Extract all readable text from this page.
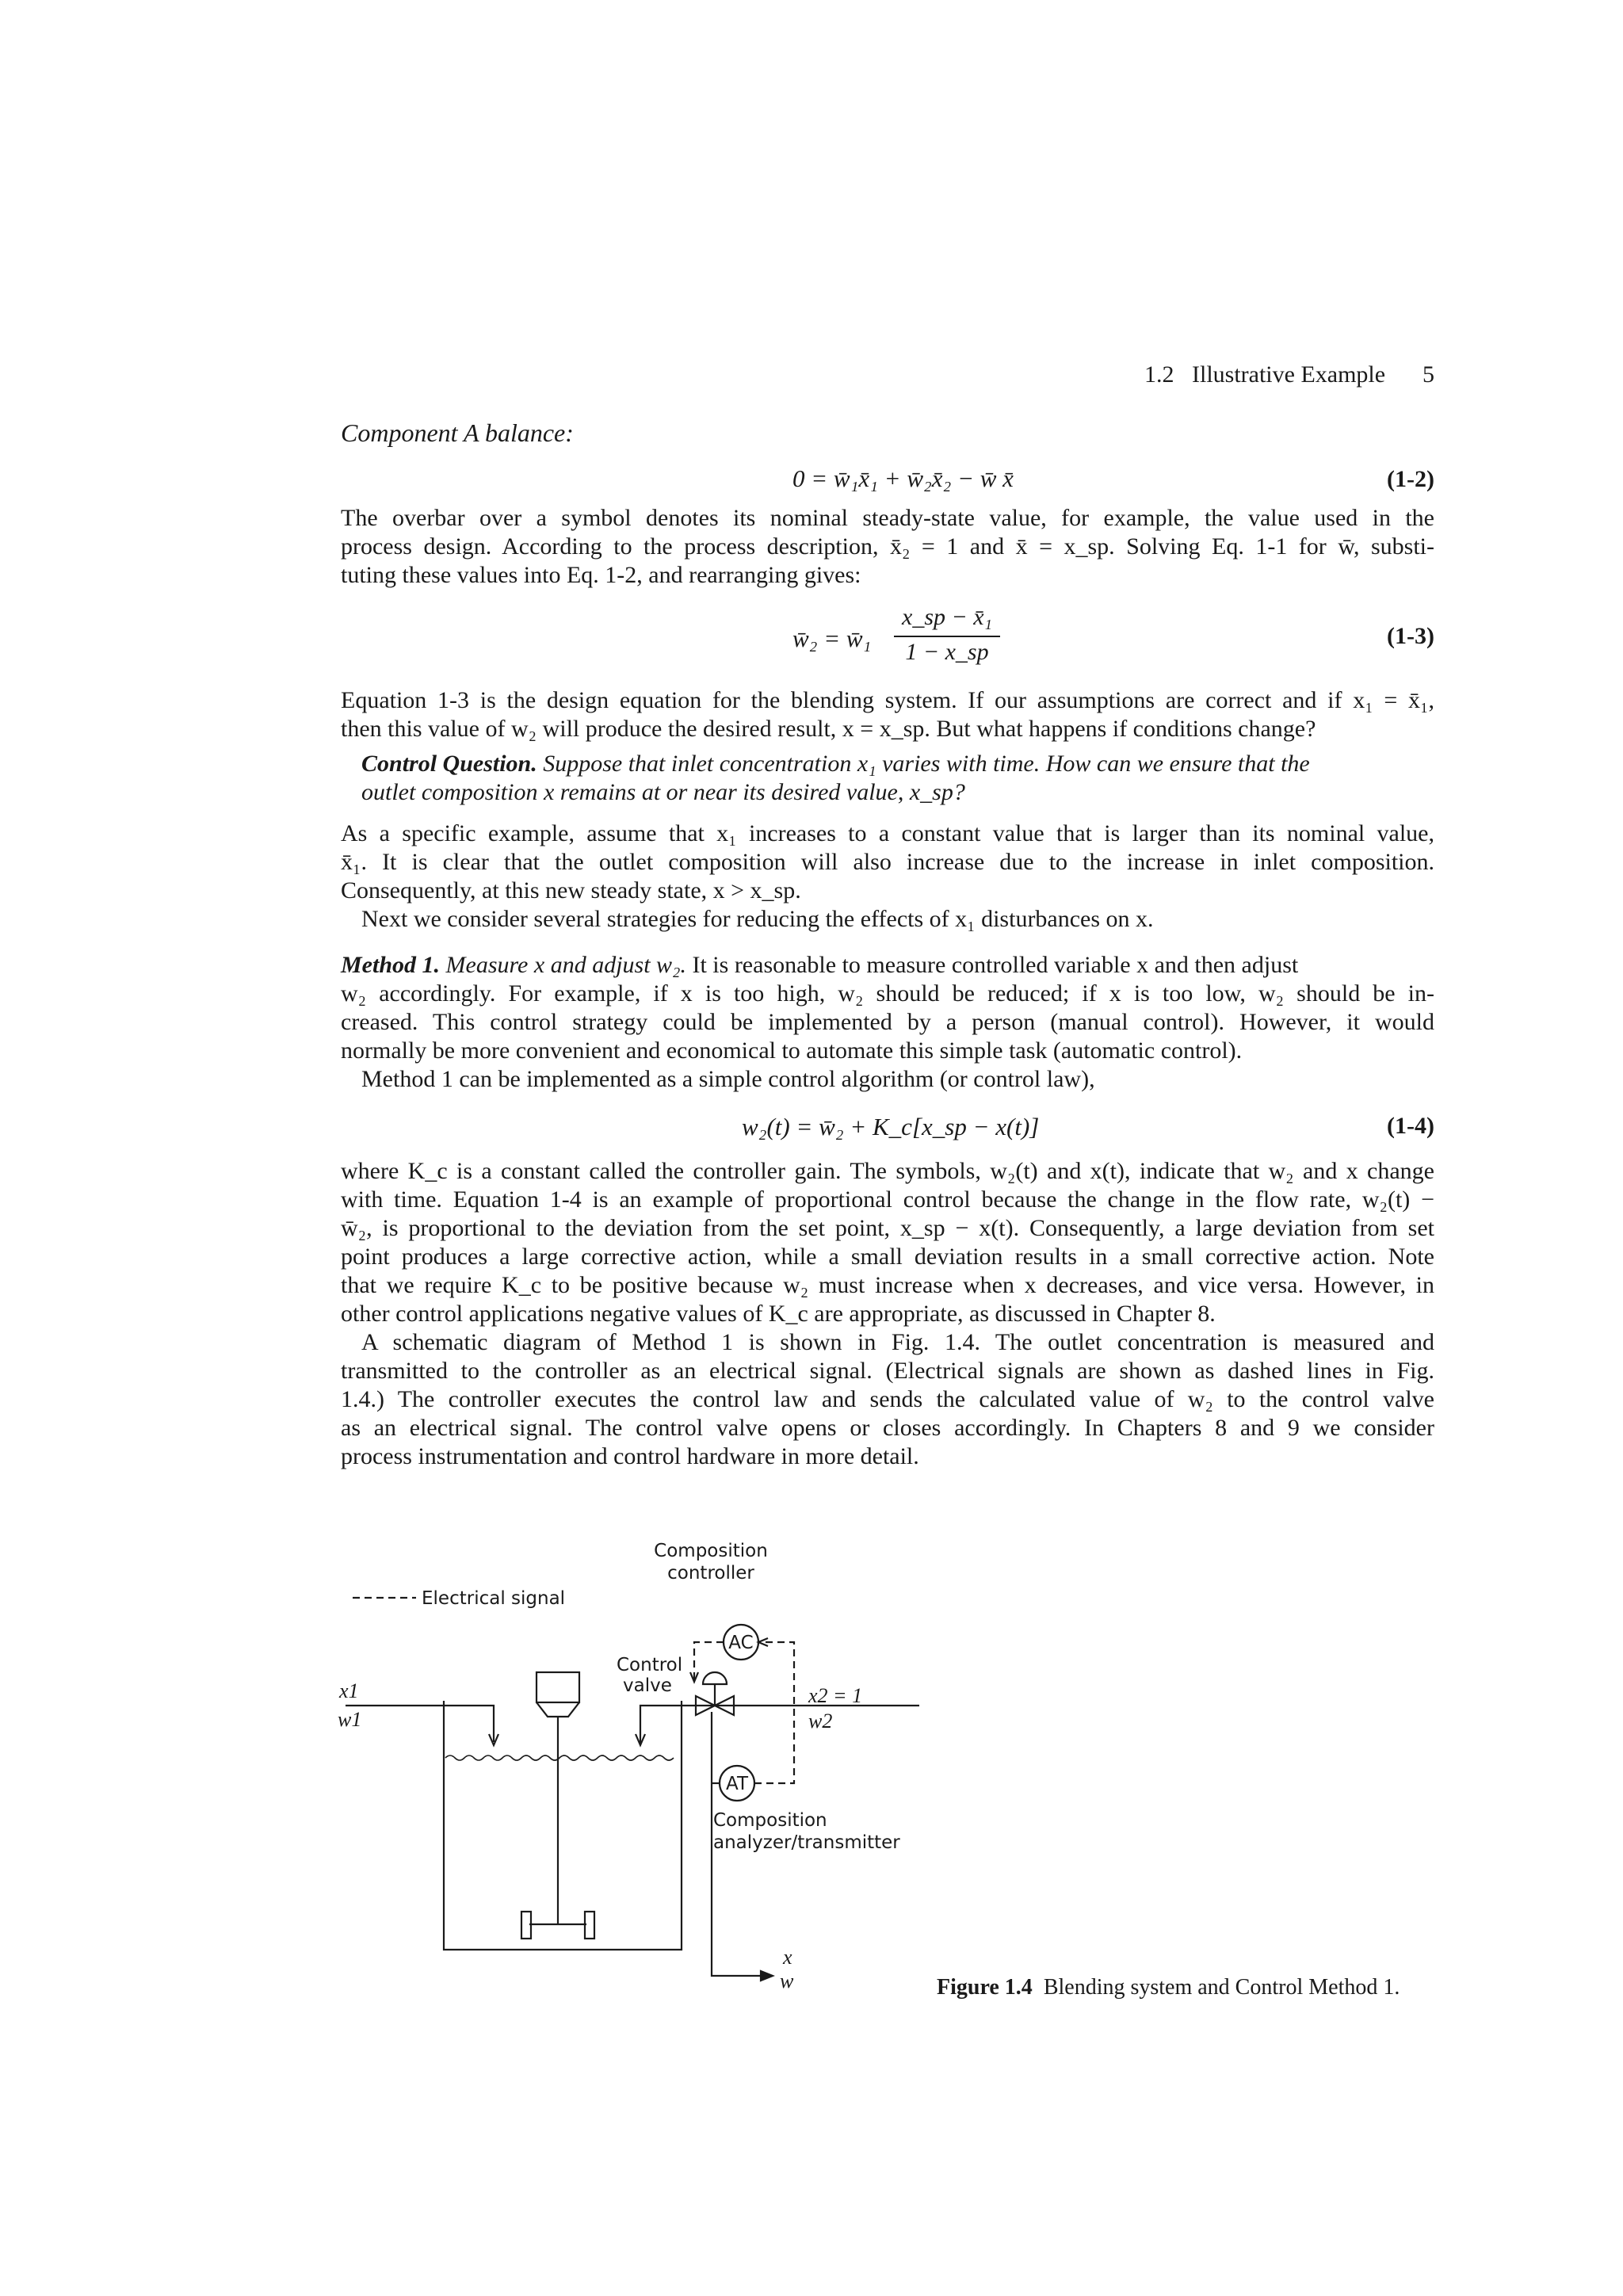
1.2 Illustrative Example 5
Component A balance:
0 = w̄₁x̄₁ + w̄₂x̄₂ − w̄ x̄	(1-2)
The overbar over a symbol denotes its nominal steady-state value, for example, the value used in the
process design. According to the process description, x̄₂ = 1 and x̄ = x_sp. Solving Eq. 1-1 for w̄, substi-
tuting these values into Eq. 1-2, and rearranging gives:
w̄₂ = w̄₁
x_sp − x̄₁
1 − x_sp
(1-3)
Equation 1-3 is the design equation for the blending system. If our assumptions are correct and if x₁ = x̄₁,
then this value of w₂ will produce the desired result, x = x_sp. But what happens if conditions change?
Control Question. Suppose that inlet concentration x₁ varies with time. How can we ensure that the
outlet composition x remains at or near its desired value, x_sp?
As a specific example, assume that x₁ increases to a constant value that is larger than its nominal value,
x̄₁. It is clear that the outlet composition will also increase due to the increase in inlet composition.
Consequently, at this new steady state, x > x_sp.
Next we consider several strategies for reducing the effects of x₁ disturbances on x.
Method 1. Measure x and adjust w₂. It is reasonable to measure controlled variable x and then adjust
w₂ accordingly. For example, if x is too high, w₂ should be reduced; if x is too low, w₂ should be in-
creased. This control strategy could be implemented by a person (manual control). However, it would
normally be more convenient and economical to automate this simple task (automatic control).
Method 1 can be implemented as a simple control algorithm (or control law),
w₂(t) = w̄₂ + K_c[x_sp − x(t)]	(1-4)
where K_c is a constant called the controller gain. The symbols, w₂(t) and x(t), indicate that w₂ and x change
with time. Equation 1-4 is an example of proportional control because the change in the flow rate, w₂(t) −
w̄₂, is proportional to the deviation from the set point, x_sp − x(t). Consequently, a large deviation from set
point produces a large corrective action, while a small deviation results in a small corrective action. Note
that we require K_c to be positive because w₂ must increase when x decreases, and vice versa. However, in
other control applications negative values of K_c are appropriate, as discussed in Chapter 8.
A schematic diagram of Method 1 is shown in Fig. 1.4. The outlet concentration is measured and
transmitted to the controller as an electrical signal. (Electrical signals are shown as dashed lines in Fig.
1.4.) The controller executes the control law and sends the calculated value of w₂ to the control valve
as an electrical signal. The control valve opens or closes accordingly. In Chapters 8 and 9 we consider
process instrumentation and control hardware in more detail.
Electrical signal
Composition
controller
AC
Control
valve
AT
Composition
analyzer/transmitter
x1
w1
x2 = 1
w2
x
w	Figure 1.4 Blending system and Control Method 1.
